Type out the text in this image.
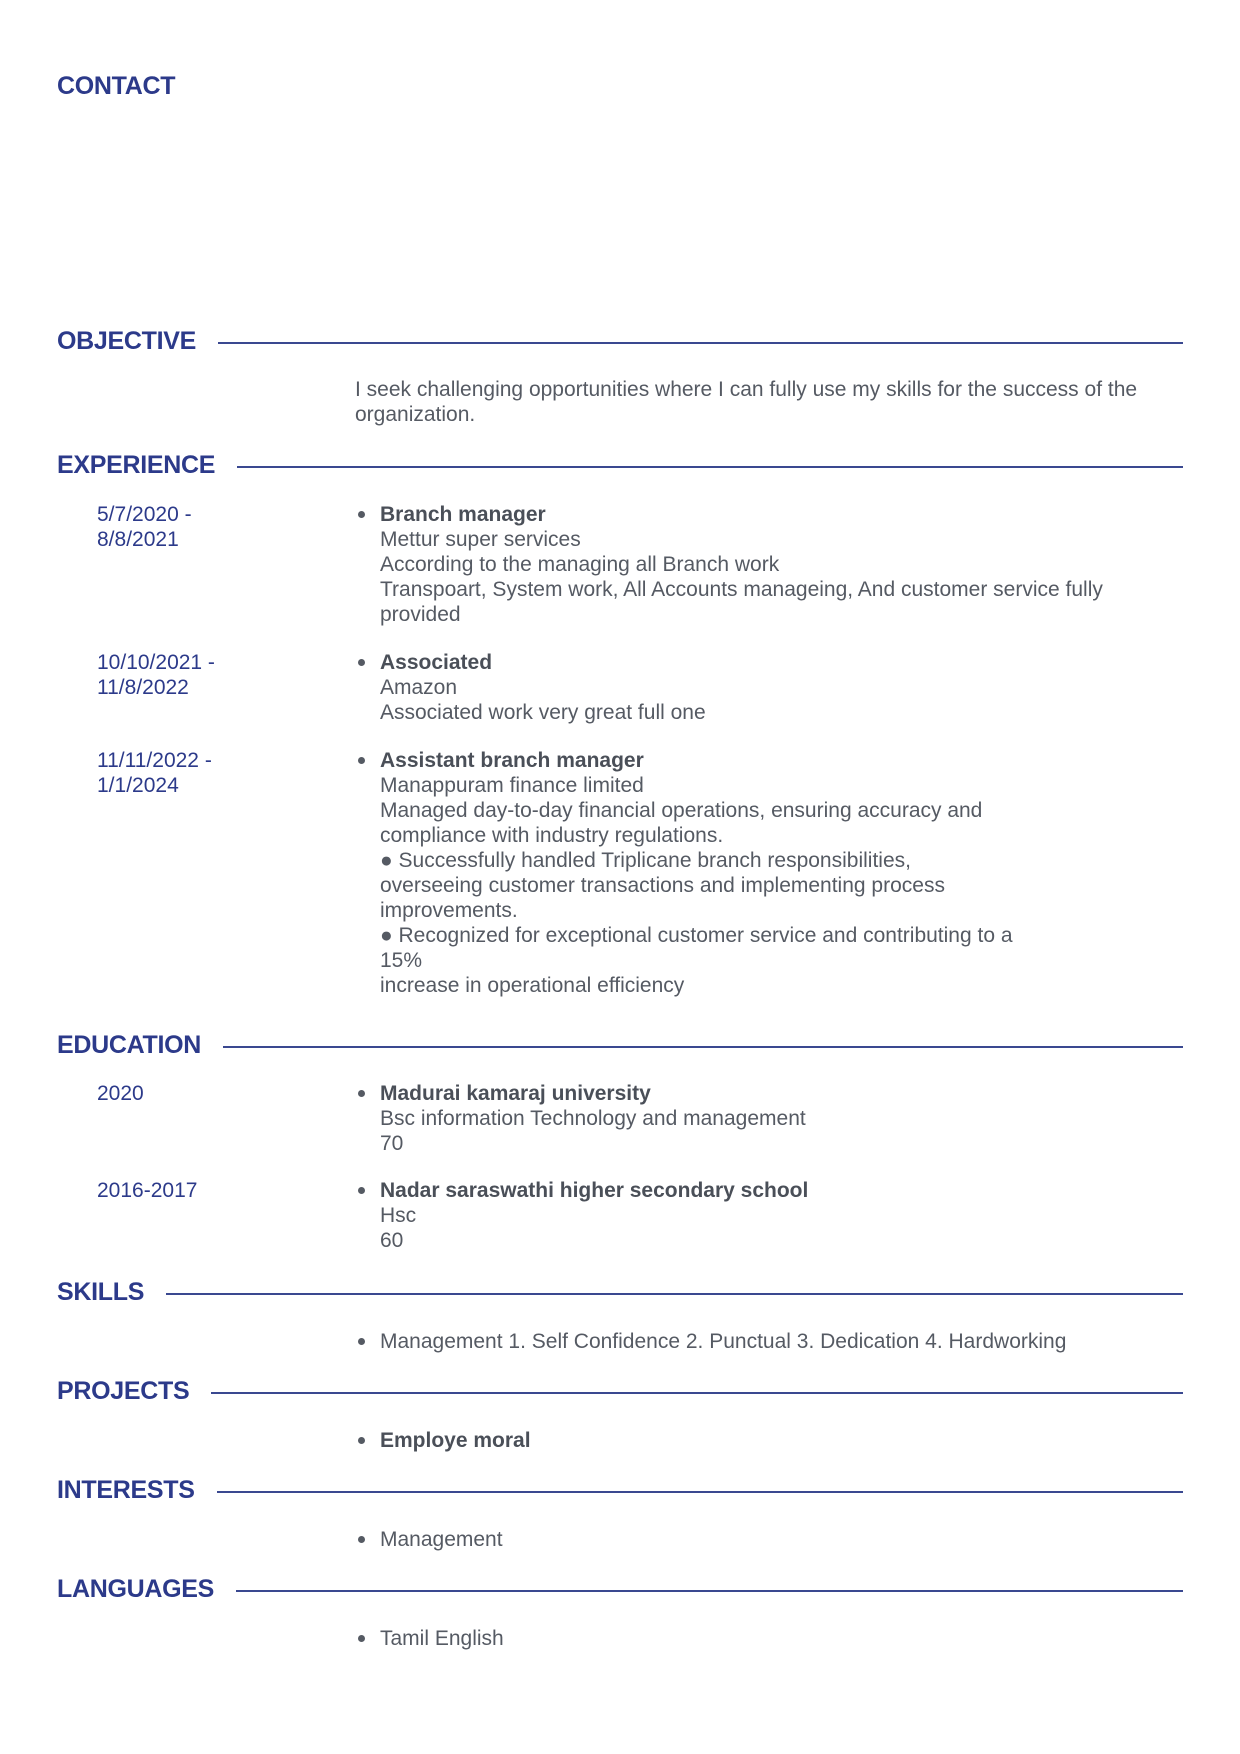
CONTACT
OBJECTIVE
I seek challenging opportunities where I can fully use my skills for the success of the organization.
EXPERIENCE
5/7/2020 -
8/8/2021
Branch manager
Mettur super services
According to the managing all Branch work
Transpoart, System work, All Accounts manageing, And customer service fully provided
10/10/2021 -
11/8/2022
Associated
Amazon
Associated work very great full one
11/11/2022 -
1/1/2024
Assistant branch manager
Manappuram finance limited
Managed day-to-day financial operations, ensuring accuracy and
compliance with industry regulations.
● Successfully handled Triplicane branch responsibilities,
overseeing customer transactions and implementing process
improvements.
● Recognized for exceptional customer service and contributing to a
15%
increase in operational efficiency
EDUCATION
2020	Madurai kamaraj university
Bsc information Technology and management
70
2016-2017	Nadar saraswathi higher secondary school
Hsc
60
SKILLS
Management 1. Self Confidence 2. Punctual 3. Dedication 4. Hardworking
PROJECTS
Employe moral
INTERESTS
Management
LANGUAGES
Tamil English
